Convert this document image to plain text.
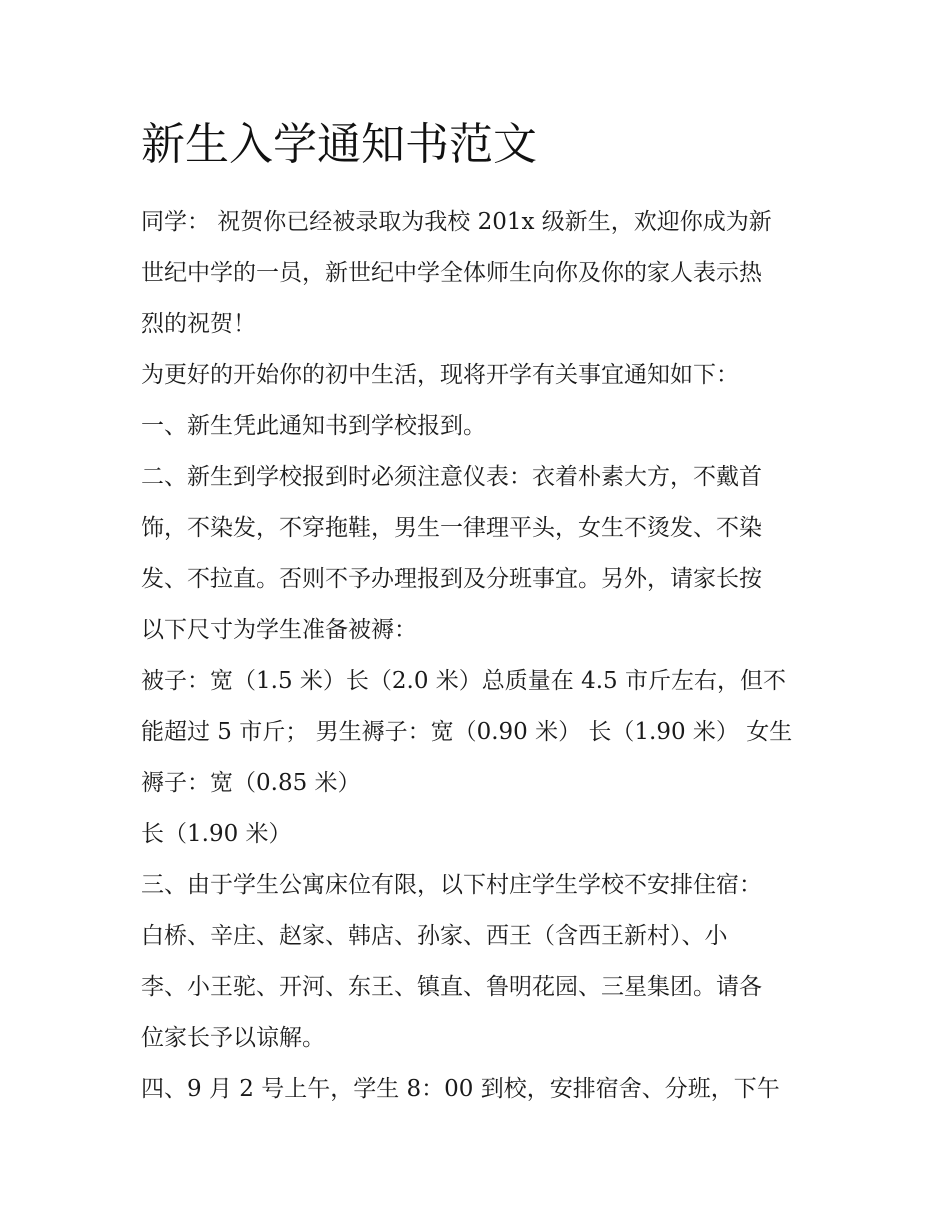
新生入学通知书范文
同学： 祝贺你已经被录取为我校 201x 级新生，欢迎你成为新
世纪中学的一员，新世纪中学全体师生向你及你的家人表示热
烈的祝贺！
为更好的开始你的初中生活，现将开学有关事宜通知如下：
一、新生凭此通知书到学校报到。
二、新生到学校报到时必须注意仪表：衣着朴素大方，不戴首
饰，不染发，不穿拖鞋，男生一律理平头，女生不烫发、不染
发、不拉直。否则不予办理报到及分班事宜。另外，请家长按
以下尺寸为学生准备被褥：
被子：宽（1.5 米）长（2.0 米）总质量在 4.5 市斤左右，但不
能超过 5 市斤； 男生褥子：宽（0.90 米） 长（1.90 米） 女生
褥子：宽（0.85 米）
长（1.90 米）
三、由于学生公寓床位有限，以下村庄学生学校不安排住宿：
白桥、辛庄、赵家、韩店、孙家、西王（含西王新村）、小
李、小王驼、开河、东王、镇直、鲁明花园、三星集团。请各
位家长予以谅解。
四、9 月 2 号上午，学生 8：00 到校，安排宿舍、分班，下午
